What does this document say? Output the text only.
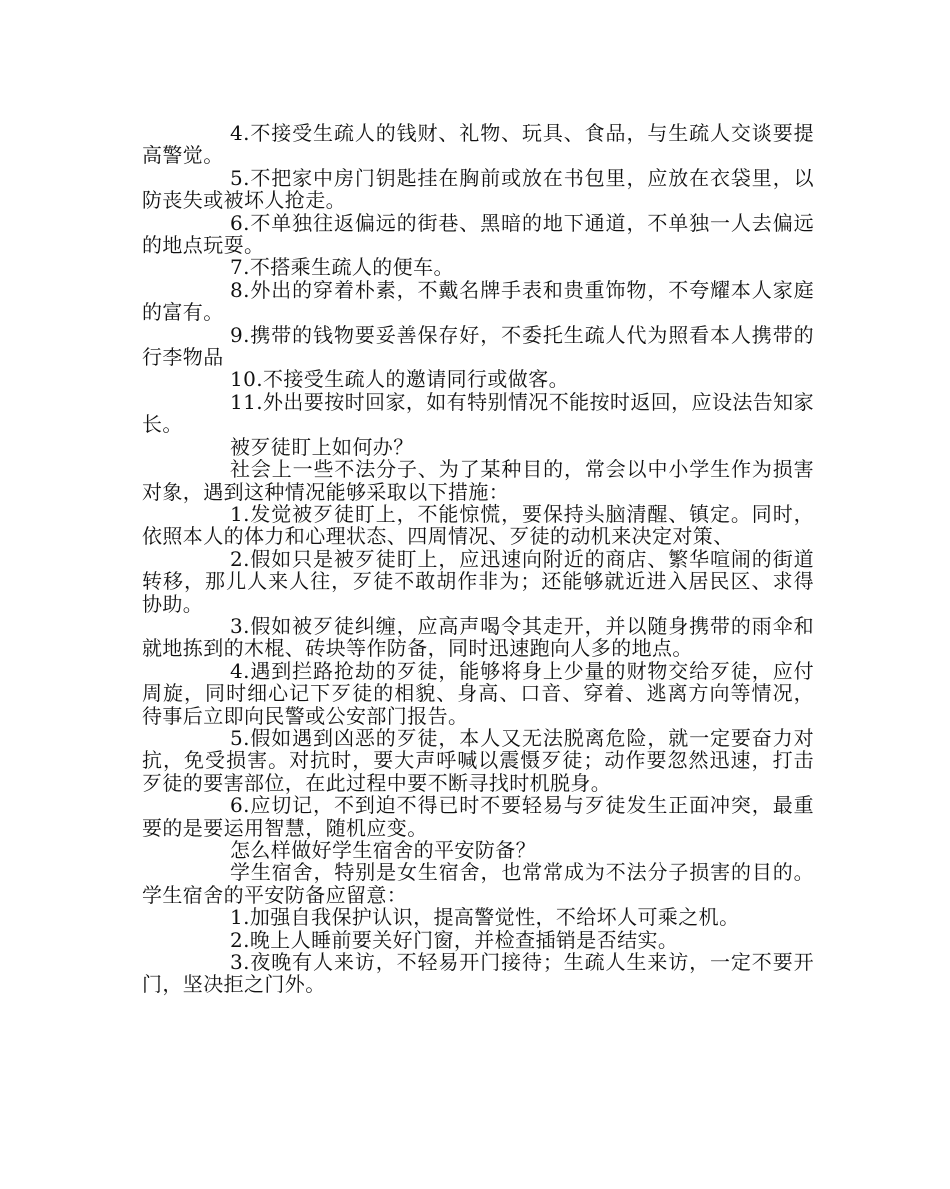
4.不接受生疏人的钱财、礼物、玩具、食品，与生疏人交谈要提高警觉。

5.不把家中房门钥匙挂在胸前或放在书包里，应放在衣袋里，以防丧失或被坏人抢走。

6.不单独往返偏远的街巷、黑暗的地下通道，不单独一人去偏远的地点玩耍。

7.不搭乘生疏人的便车。

8.外出的穿着朴素，不戴名牌手表和贵重饰物，不夸耀本人家庭的富有。

9.携带的钱物要妥善保存好，不委托生疏人代为照看本人携带的行李物品

10.不接受生疏人的邀请同行或做客。

11.外出要按时回家，如有特别情况不能按时返回，应设法告知家长。

被歹徒盯上如何办？

社会上一些不法分子、为了某种目的，常会以中小学生作为损害对象，遇到这种情况能够采取以下措施：

1.发觉被歹徒盯上，不能惊慌，要保持头脑清醒、镇定。同时，依照本人的体力和心理状态、四周情况、歹徒的动机来决定对策、

2.假如只是被歹徒盯上，应迅速向附近的商店、繁华喧闹的街道转移，那儿人来人往，歹徒不敢胡作非为；还能够就近进入居民区、求得协助。

3.假如被歹徒纠缠，应高声喝令其走开，并以随身携带的雨伞和就地拣到的木棍、砖块等作防备，同时迅速跑向人多的地点。

4.遇到拦路抢劫的歹徒，能够将身上少量的财物交给歹徒，应付周旋，同时细心记下歹徒的相貌、身高、口音、穿着、逃离方向等情况，待事后立即向民警或公安部门报告。

5.假如遇到凶恶的歹徒，本人又无法脱离危险，就一定要奋力对抗，免受损害。对抗时，要大声呼喊以震慑歹徒；动作要忽然迅速，打击歹徒的要害部位，在此过程中要不断寻找时机脱身。

6.应切记，不到迫不得已时不要轻易与歹徒发生正面冲突，最重要的是要运用智慧，随机应变。

怎么样做好学生宿舍的平安防备？

学生宿舍，特别是女生宿舍，也常常成为不法分子损害的目的。学生宿舍的平安防备应留意：

1.加强自我保护认识，提高警觉性，不给坏人可乘之机。

2.晚上人睡前要关好门窗，并检查插销是否结实。

3.夜晚有人来访，不轻易开门接待；生疏人生来访，一定不要开门，坚决拒之门外。
